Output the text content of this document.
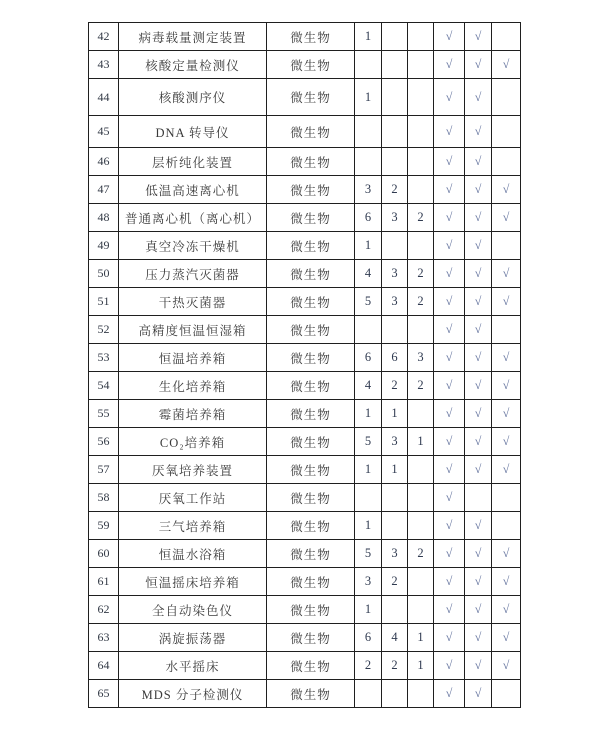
42	病毒载量测定装置	微生物	1			√	√	
43	核酸定量检测仪	微生物				√	√	√
44	核酸测序仪	微生物	1			√	√	
45	DNA 转导仪	微生物				√	√	
46	层析纯化装置	微生物				√	√	
47	低温高速离心机	微生物	3	2		√	√	√
48	普通离心机（离心机）	微生物	6	3	2	√	√	√
49	真空冷冻干燥机	微生物	1			√	√	
50	压力蒸汽灭菌器	微生物	4	3	2	√	√	√
51	干热灭菌器	微生物	5	3	2	√	√	√
52	高精度恒温恒湿箱	微生物				√	√	
53	恒温培养箱	微生物	6	6	3	√	√	√
54	生化培养箱	微生物	4	2	2	√	√	√
55	霉菌培养箱	微生物	1	1		√	√	√
56	CO₂培养箱	微生物	5	3	1	√	√	√
57	厌氧培养装置	微生物	1	1		√	√	√
58	厌氧工作站	微生物				√		
59	三气培养箱	微生物	1			√	√	
60	恒温水浴箱	微生物	5	3	2	√	√	√
61	恒温摇床培养箱	微生物	3	2		√	√	√
62	全自动染色仪	微生物	1			√	√	√
63	涡旋振荡器	微生物	6	4	1	√	√	√
64	水平摇床	微生物	2	2	1	√	√	√
65	MDS 分子检测仪	微生物				√	√	
